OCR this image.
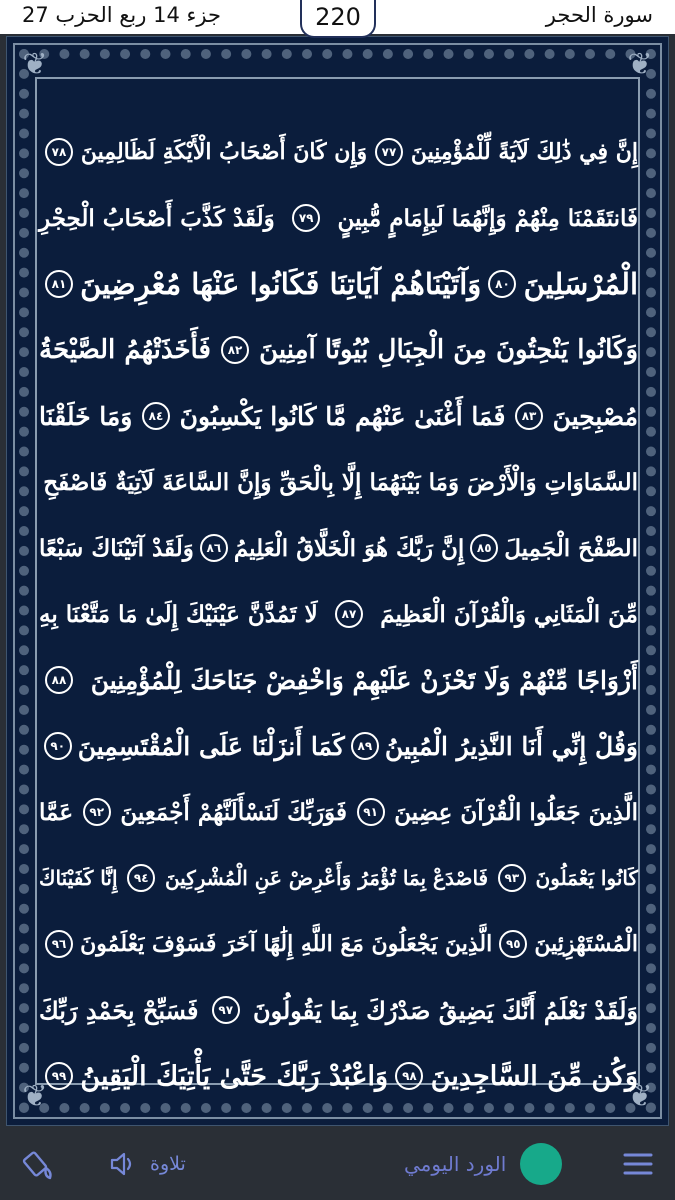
جزء 14 ربع الحزب 27	220	سورة الحجر
❦	❦
❦	❦
إِنَّ فِي ذَٰلِكَ لَآيَةً لِّلْمُؤْمِنِينَ
٧٧
وَإِن كَانَ أَصْحَابُ الْأَيْكَةِ لَظَالِمِينَ
٧٨
فَانتَقَمْنَا مِنْهُمْ وَإِنَّهُمَا لَبِإِمَامٍ مُّبِينٍ
٧٩
وَلَقَدْ كَذَّبَ أَصْحَابُ الْحِجْرِ
الْمُرْسَلِينَ
٨٠
وَآتَيْنَاهُمْ آيَاتِنَا فَكَانُوا عَنْهَا مُعْرِضِينَ
٨١
وَكَانُوا يَنْحِتُونَ مِنَ الْجِبَالِ بُيُوتًا آمِنِينَ
٨٢
فَأَخَذَتْهُمُ الصَّيْحَةُ
مُصْبِحِينَ
٨٣
فَمَا أَغْنَىٰ عَنْهُم مَّا كَانُوا يَكْسِبُونَ
٨٤
وَمَا خَلَقْنَا
السَّمَاوَاتِ وَالْأَرْضَ وَمَا بَيْنَهُمَا إِلَّا بِالْحَقِّ وَإِنَّ السَّاعَةَ لَآتِيَةٌ فَاصْفَحِ
الصَّفْحَ الْجَمِيلَ
٨٥
إِنَّ رَبَّكَ هُوَ الْخَلَّاقُ الْعَلِيمُ
٨٦
وَلَقَدْ آتَيْنَاكَ سَبْعًا
مِّنَ الْمَثَانِي وَالْقُرْآنَ الْعَظِيمَ
٨٧
لَا تَمُدَّنَّ عَيْنَيْكَ إِلَىٰ مَا مَتَّعْنَا بِهِ
أَزْوَاجًا مِّنْهُمْ وَلَا تَحْزَنْ عَلَيْهِمْ وَاخْفِضْ جَنَاحَكَ لِلْمُؤْمِنِينَ
٨٨
وَقُلْ إِنِّي أَنَا النَّذِيرُ الْمُبِينُ
٨٩
كَمَا أَنزَلْنَا عَلَى الْمُقْتَسِمِينَ
٩٠
الَّذِينَ جَعَلُوا الْقُرْآنَ عِضِينَ
٩١
فَوَرَبِّكَ لَنَسْأَلَنَّهُمْ أَجْمَعِينَ
٩٢
عَمَّا
كَانُوا يَعْمَلُونَ
٩٣
فَاصْدَعْ بِمَا تُؤْمَرُ وَأَعْرِضْ عَنِ الْمُشْرِكِينَ
٩٤
إِنَّا كَفَيْنَاكَ
الْمُسْتَهْزِئِينَ
٩٥
الَّذِينَ يَجْعَلُونَ مَعَ اللَّهِ إِلَٰهًا آخَرَ فَسَوْفَ يَعْلَمُونَ
٩٦
وَلَقَدْ نَعْلَمُ أَنَّكَ يَضِيقُ صَدْرُكَ بِمَا يَقُولُونَ
٩٧
فَسَبِّحْ بِحَمْدِ رَبِّكَ
وَكُن مِّنَ السَّاجِدِينَ
٩٨
وَاعْبُدْ رَبَّكَ حَتَّىٰ يَأْتِيَكَ الْيَقِينُ
٩٩
تلاوة	الورد اليومي
